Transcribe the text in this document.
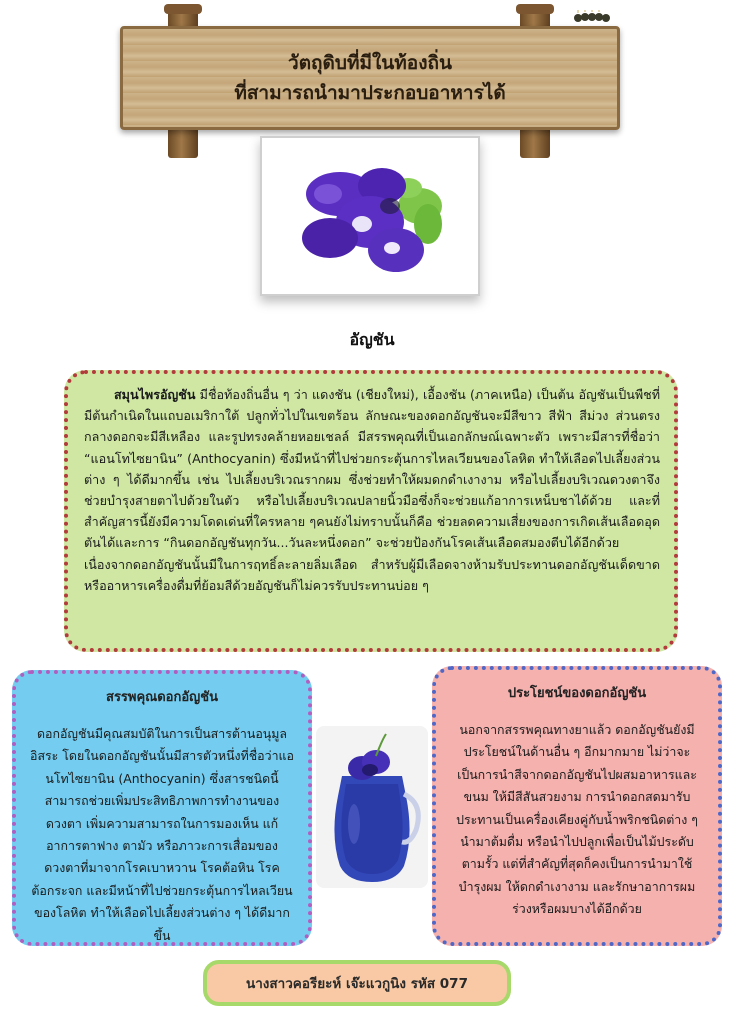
วัตถุดิบที่มีในท้องถิ่น
ที่สามารถนำมาประกอบอาหารได้
อัญชัน

สมุนไพรอัญชัน มีชื่อท้องถิ่นอื่น ๆ ว่า แดงชัน (เชียงใหม่), เอื้องชัน (ภาคเหนือ) เป็นต้น อัญชันเป็นพืชที่มีต้นกำเนิดในแถบอเมริกาใต้ ปลูกทั่วไปในเขตร้อน ลักษณะของดอกอัญชันจะมีสีขาว สีฟ้า สีม่วง ส่วนตรงกลางดอกจะมีสีเหลือง และรูปทรงคล้ายหอยเชลล์ มีสรรพคุณที่เป็นเอกลักษณ์เฉพาะตัว เพราะมีสารที่ชื่อว่า “แอนโทไซยานิน” (Anthocyanin) ซึ่งมีหน้าที่ไปช่วยกระตุ้นการไหลเวียนของโลหิต ทำให้เลือดไปเลี้ยงส่วนต่าง ๆ ได้ดีมากขึ้น เช่น ไปเลี้ยงบริเวณรากผม ซึ่งช่วยทำให้ผมดกดำเงางาม หรือไปเลี้ยงบริเวณดวงตาจึงช่วยบำรุงสายตาไปด้วยในตัว หรือไปเลี้ยงบริเวณปลายนิ้วมือซึ่งก็จะช่วยแก้อาการเหน็บชาได้ด้วย และที่สำคัญสารนี้ยังมีความโดดเด่นที่ใครหลาย ๆคนยังไม่ทราบนั้นก็คือ ช่วยลดความเสี่ยงของการเกิดเส้นเลือดอุดตันได้และการ “กินดอกอัญชันทุกวัน...วันละหนึ่งดอก” จะช่วยป้องกันโรคเส้นเลือดสมองตีบได้อีกด้วย

เนื่องจากดอกอัญชันนั้นมีในการฤทธิ์ละลายลิ่มเลือด สำหรับผู้มีเลือดจางห้ามรับประทานดอกอัญชันเด็ดขาด หรืออาหารเครื่องดื่มที่ย้อมสีด้วยอัญชันก็ไม่ควรรับประทานบ่อย ๆ

สรรพคุณดอกอัญชัน
ดอกอัญชันมีคุณสมบัติในการเป็นสารต้านอนุมูลอิสระ โดยในดอกอัญชันนั้นมีสารตัวหนึ่งที่ชื่อว่าแอนโทไซยานิน (Anthocyanin) ซึ่งสารชนิดนี้สามารถช่วยเพิ่มประสิทธิภาพการทำงานของดวงตา เพิ่มความสามารถในการมองเห็น แก้อาการตาฟาง ตามัว หรือภาวะการเสื่อมของดวงตาที่มาจากโรคเบาหวาน โรคต้อหิน โรคต้อกระจก และมีหน้าที่ไปช่วยกระตุ้นการไหลเวียนของโลหิต ทำให้เลือดไปเลี้ยงส่วนต่าง ๆ ได้ดีมากขึ้น
ประโยชน์ของดอกอัญชัน
นอกจากสรรพคุณทางยาแล้ว ดอกอัญชันยังมีประโยชน์ในด้านอื่น ๆ อีกมากมาย ไม่ว่าจะเป็นการนำสีจากดอกอัญชันไปผสมอาหารและขนม ให้มีสีสันสวยงาม การนำดอกสดมารับประทานเป็นเครื่องเคียงคู่กับน้ำพริกชนิดต่าง ๆ นำมาต้มดื่ม หรือนำไปปลูกเพื่อเป็นไม้ประดับตามรั้ว แต่ที่สำคัญที่สุดก็คงเป็นการนำมาใช้บำรุงผม ให้ดกดำเงางาม และรักษาอาการผมร่วงหรือผมบางได้อีกด้วย
นางสาวคอรียะห์ เจ๊ะแวกูนิง รหัส 077
